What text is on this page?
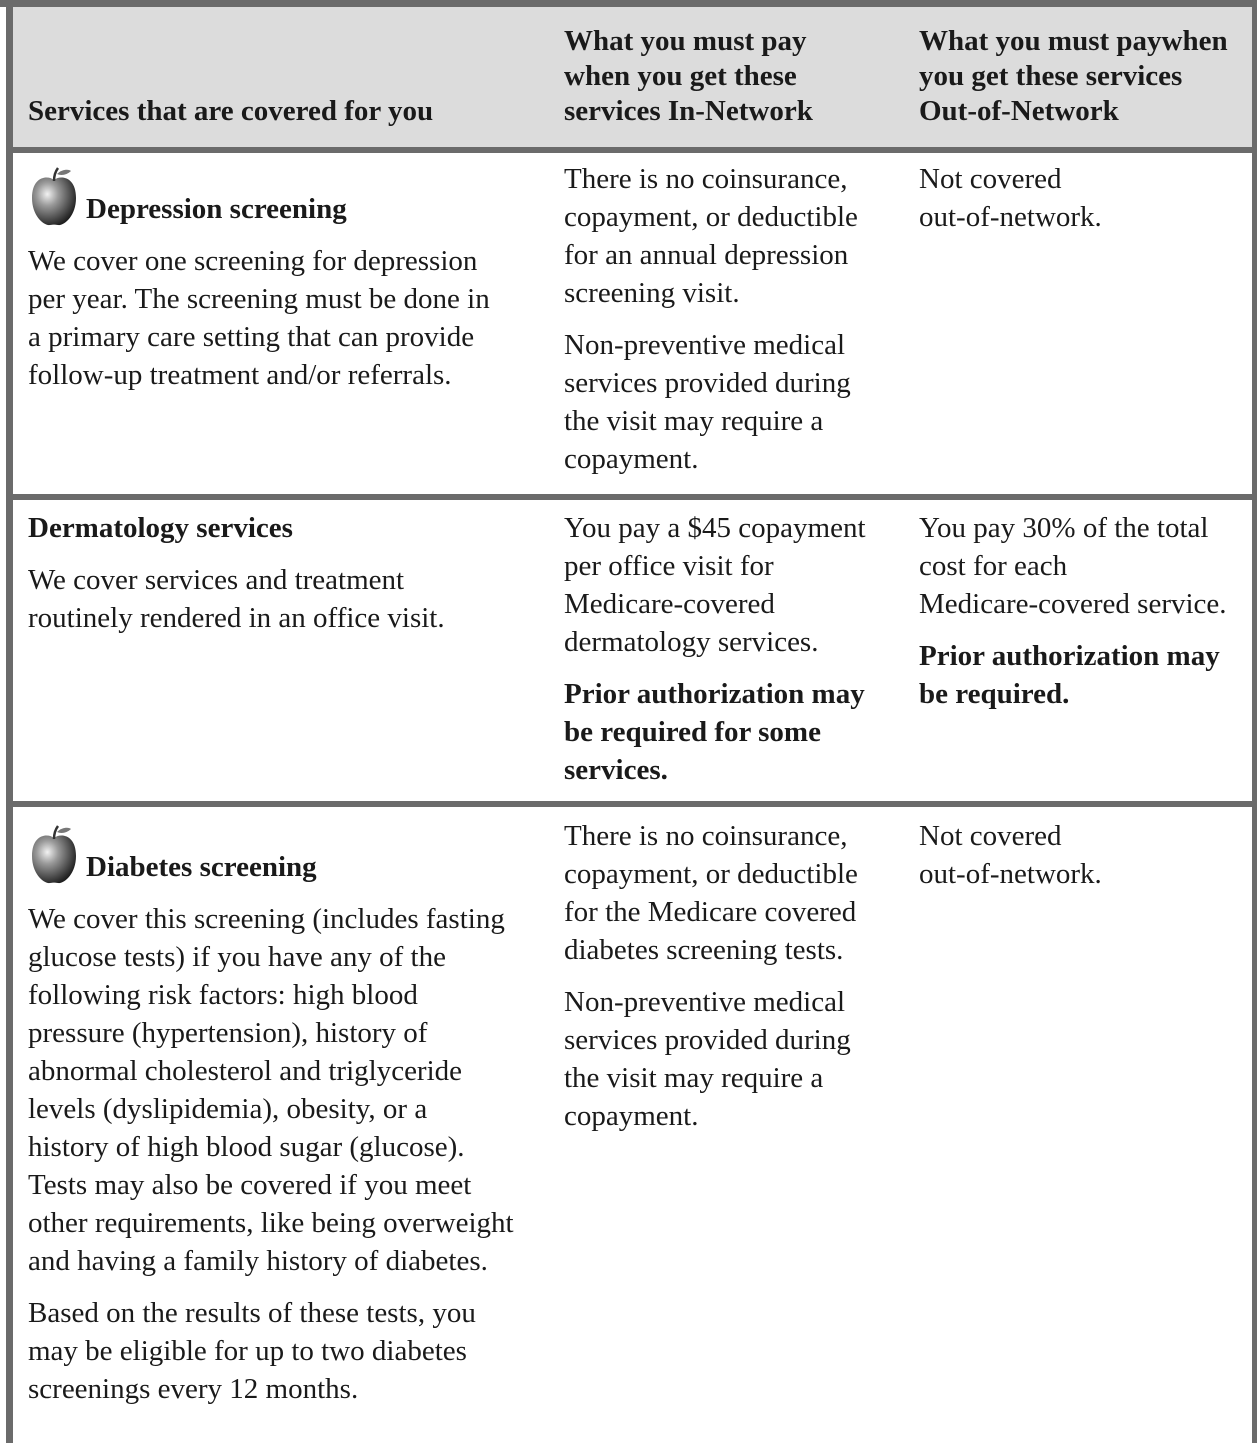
Services that are covered for you
What you must pay
when you get these
services In-Network
What you must paywhen
you get these services
Out-of-Network
Depression screening
We cover one screening for depression
per year. The screening must be done in
a primary care setting that can provide
follow-up treatment and/or referrals.
There is no coinsurance,
copayment, or deductible
for an annual depression
screening visit.
Non-preventive medical
services provided during
the visit may require a
copayment.
Not covered
out-of-network.
Dermatology services
We cover services and treatment
routinely rendered in an office visit.
You pay a $45 copayment
per office visit for
Medicare-covered
dermatology services.
Prior authorization may
be required for some
services.
You pay 30% of the total
cost for each
Medicare-covered service.
Prior authorization may
be required.
Diabetes screening
We cover this screening (includes fasting
glucose tests) if you have any of the
following risk factors: high blood
pressure (hypertension), history of
abnormal cholesterol and triglyceride
levels (dyslipidemia), obesity, or a
history of high blood sugar (glucose).
Tests may also be covered if you meet
other requirements, like being overweight
and having a family history of diabetes.
Based on the results of these tests, you
may be eligible for up to two diabetes
screenings every 12 months.
There is no coinsurance,
copayment, or deductible
for the Medicare covered
diabetes screening tests.
Non-preventive medical
services provided during
the visit may require a
copayment.
Not covered
out-of-network.
